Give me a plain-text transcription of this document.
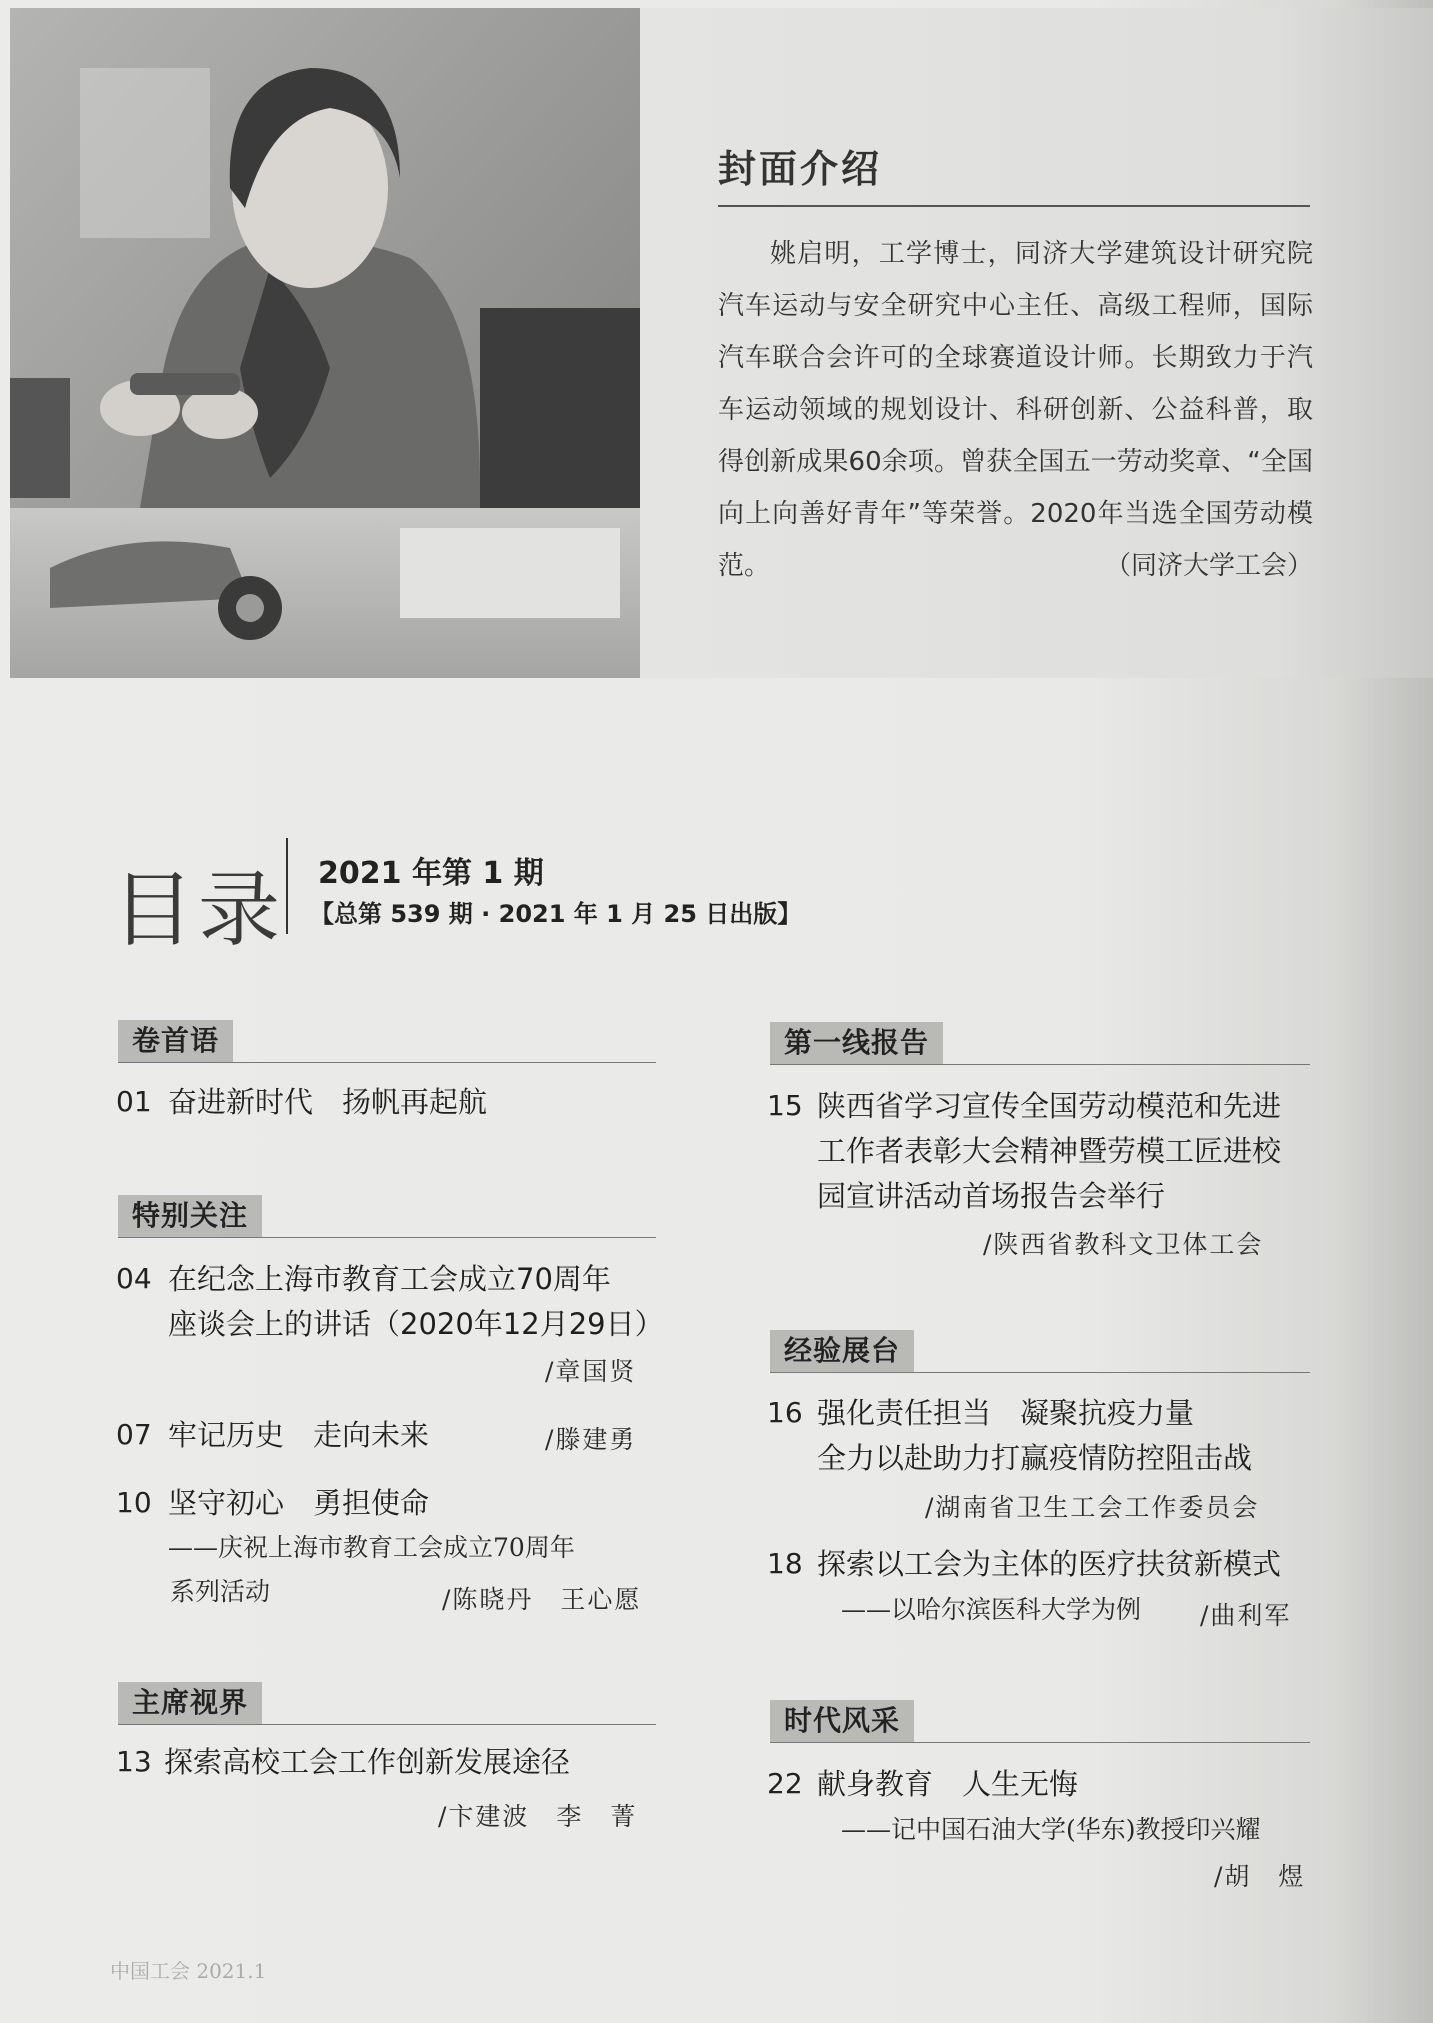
封面介绍

姚启明，工学博士，同济大学建筑设计研究院汽车运动与安全研究中心主任、高级工程师，国际汽车联合会许可的全球赛道设计师。长期致力于汽车运动领域的规划设计、科研创新、公益科普，取得创新成果60余项。曾获全国五一劳动奖章、“全国向上向善好青年”等荣誉。2020年当选全国劳动模范。	（同济大学工会）

目录 2021 年第 1 期
【总第 539 期 · 2021 年 1 月 25 日出版】
卷首语
01 奋进新时代　扬帆再起航
特别关注
04 在纪念上海市教育工会成立70周年
座谈会上的讲话（2020年12月29日）
/章国贤
07 牢记历史　走向未来	/滕建勇
10 坚守初心　勇担使命
——庆祝上海市教育工会成立70周年
系列活动	/陈晓丹　王心愿
主席视界
13 探索高校工会工作创新发展途径
/卞建波　李　菁
第一线报告
15 陕西省学习宣传全国劳动模范和先进
工作者表彰大会精神暨劳模工匠进校
园宣讲活动首场报告会举行
/陕西省教科文卫体工会
经验展台
16 强化责任担当　凝聚抗疫力量
全力以赴助力打赢疫情防控阻击战
/湖南省卫生工会工作委员会
18 探索以工会为主体的医疗扶贫新模式
——以哈尔滨医科大学为例 /曲利军
时代风采
22 献身教育　人生无悔
——记中国石油大学(华东)教授印兴耀
/胡　煜
中国工会 2021.1
